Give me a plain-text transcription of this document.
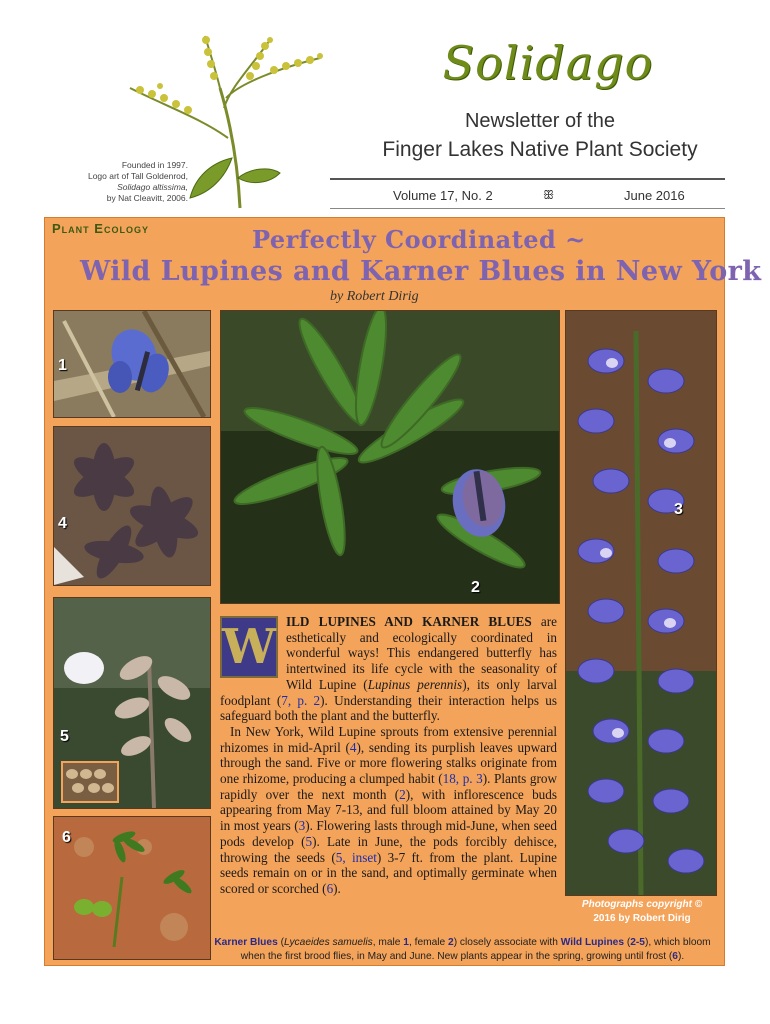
Founded in 1997.
Logo art of Tall Goldenrod,
Solidago altissima,
by Nat Cleavitt, 2006.
Solidago
Newsletter of the
Finger Lakes Native Plant Society
Volume 17, No. 2	ꕥ	June 2016
Plant Ecology	Perfectly Coordinated ~
Wild Lupines and Karner Blues in New York
by Robert Dirig
1
4
5
6
2
3

W ILD LUPINES AND KARNER BLUES are esthetically and ecologically coordinated in wonderful ways! This endangered butterfly has intertwined its life cycle with the seasonality of Wild Lupine (Lupinus perennis), its only larval foodplant (7, p. 2). Understanding their interaction helps us safeguard both the plant and the butterfly.

In New York, Wild Lupine sprouts from extensive perennial rhizomes in mid-April (4), sending its purplish leaves upward through the sand. Five or more flowering stalks originate from one rhizome, producing a clumped habit (18, p. 3). Plants grow rapidly over the next month (2), with inflorescence buds appearing from May 7-13, and full bloom attained by May 20 in most years (3). Flowering lasts through mid-June, when seed pods develop (5). Late in June, the pods forcibly dehisce, throwing the seeds (5, inset) 3-7 ft. from the plant. Lupine seeds remain on or in the sand, and optimally germinate when scored or scorched (6).

Photographs copyright ©
2016 by Robert Dirig
Karner Blues (Lycaeides samuelis, male 1, female 2) closely associate with Wild Lupines (2-5), which bloom when the first brood flies, in May and June. New plants appear in the spring, growing until frost (6).
